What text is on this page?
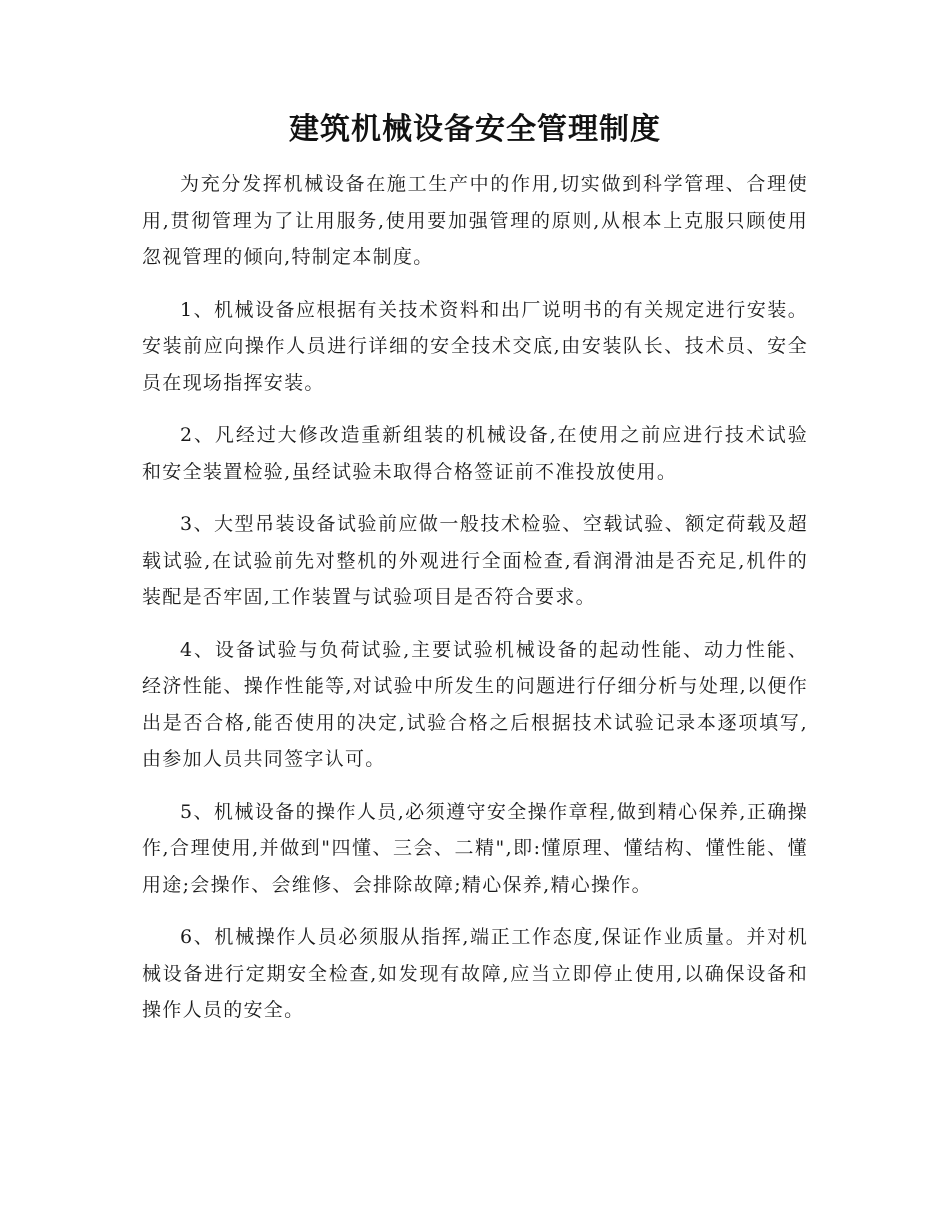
建筑机械设备安全管理制度

为充分发挥机械设备在施工生产中的作用,切实做到科学管理、合理使用,贯彻管理为了让用服务,使用要加强管理的原则,从根本上克服只顾使用忽视管理的倾向,特制定本制度。

1、机械设备应根据有关技术资料和出厂说明书的有关规定进行安装。安装前应向操作人员进行详细的安全技术交底,由安装队长、技术员、安全员在现场指挥安装。

2、凡经过大修改造重新组装的机械设备,在使用之前应进行技术试验和安全装置检验,虽经试验未取得合格签证前不准投放使用。

3、大型吊装设备试验前应做一般技术检验、空载试验、额定荷载及超载试验,在试验前先对整机的外观进行全面检查,看润滑油是否充足,机件的装配是否牢固,工作装置与试验项目是否符合要求。

4、设备试验与负荷试验,主要试验机械设备的起动性能、动力性能、经济性能、操作性能等,对试验中所发生的问题进行仔细分析与处理,以便作出是否合格,能否使用的决定,试验合格之后根据技术试验记录本逐项填写,由参加人员共同签字认可。

5、机械设备的操作人员,必须遵守安全操作章程,做到精心保养,正确操作,合理使用,并做到"四懂、三会、二精",即:懂原理、懂结构、懂性能、懂用途;会操作、会维修、会排除故障;精心保养,精心操作。

6、机械操作人员必须服从指挥,端正工作态度,保证作业质量。并对机械设备进行定期安全检查,如发现有故障,应当立即停止使用,以确保设备和操作人员的安全。
